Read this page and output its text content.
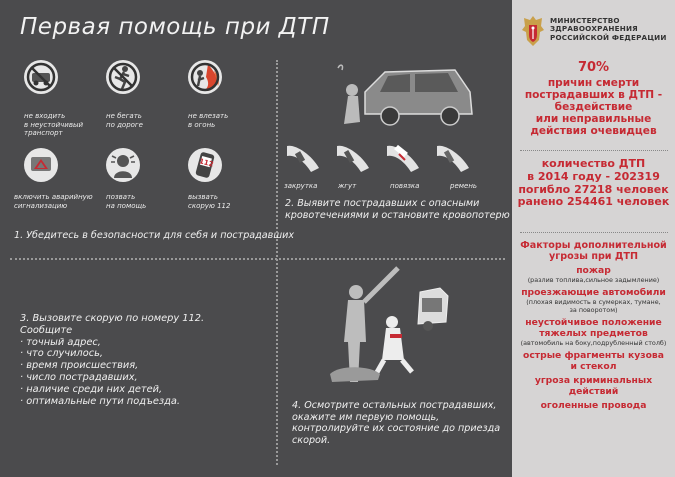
Первая помощь при ДТП	МИНИСТЕРСТВО
ЗДРАВООХРАНЕНИЯ
РОССИЙСКОЙ ФЕДЕРАЦИИ
70%
причин смерти
пострадавших в ДТП -
бездействие
или неправильные
действия очевидцев
количество ДТП
в 2014 году - 202319
погибло 27218 человек
ранено 254461 человек
Факторы дополнительной
угрозы при ДТП
пожар
(разлив топлива,сильное задымление)
проезжающие автомобили
(плохая видимость в сумерках, тумане,
за поворотом)
неустойчивое положение
тяжелых предметов
(автомобиль на боку,подрубленный столб)
острые фрагменты кузова
и стекол
угроза криминальных действий
оголенные провода
не входить
в неустойчивый
транспорт
не бегать
по дороге
не влезать
в огонь
112
включить аварийную
сигнализацию
позвать
на помощь
вызвать
скорую 112
1. Убедитесь в безопасности для себя и пострадавших
закрутка	жгут	повязка	ремень
2. Выявите пострадавших с опасными
кровотечениями и остановите кровопотерю
3. Вызовите скорую по номеру 112.
Сообщите
· точный адрес,
· что случилось,
· время происшествия,
· число пострадавших,
· наличие среди них детей,
· оптимальные пути подъезда.	4. Осмотрите остальных пострадавших,
окажите им первую помощь,
контролируйте их состояние до приезда
скорой.
